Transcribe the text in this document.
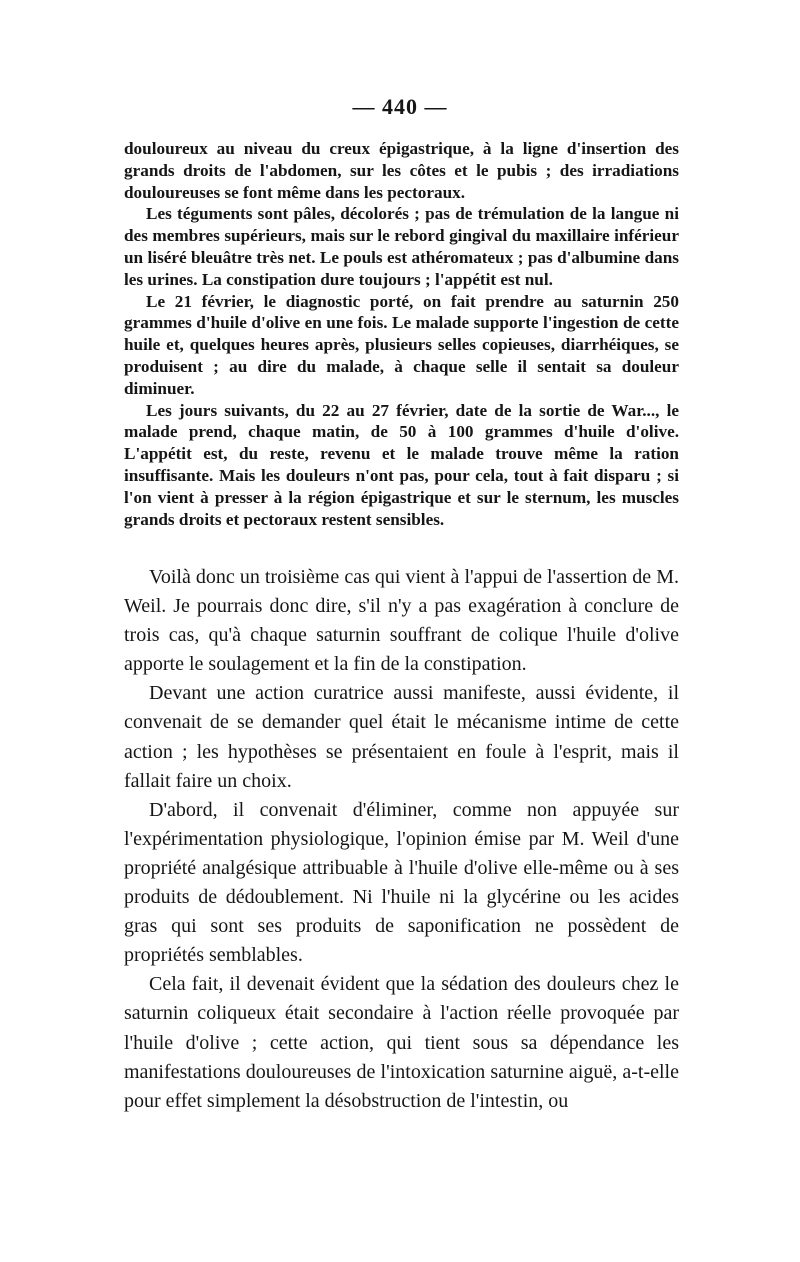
— 440 —

douloureux au niveau du creux épigastrique, à la ligne d'insertion des grands droits de l'abdomen, sur les côtes et le pubis ; des irradiations douloureuses se font même dans les pectoraux.

Les téguments sont pâles, décolorés ; pas de trémulation de la langue ni des membres supérieurs, mais sur le rebord gingival du maxillaire inférieur un liséré bleuâtre très net. Le pouls est athéromateux ; pas d'albumine dans les urines. La constipation dure toujours ; l'appétit est nul.

Le 21 février, le diagnostic porté, on fait prendre au saturnin 250 grammes d'huile d'olive en une fois. Le malade supporte l'ingestion de cette huile et, quelques heures après, plusieurs selles copieuses, diarrhéiques, se produisent ; au dire du malade, à chaque selle il sentait sa douleur diminuer.

Les jours suivants, du 22 au 27 février, date de la sortie de War..., le malade prend, chaque matin, de 50 à 100 grammes d'huile d'olive. L'appétit est, du reste, revenu et le malade trouve même la ration insuffisante. Mais les douleurs n'ont pas, pour cela, tout à fait disparu ; si l'on vient à presser à la région épigastrique et sur le sternum, les muscles grands droits et pectoraux restent sensibles.

Voilà donc un troisième cas qui vient à l'appui de l'assertion de M. Weil. Je pourrais donc dire, s'il n'y a pas exagération à conclure de trois cas, qu'à chaque saturnin souffrant de colique l'huile d'olive apporte le soulagement et la fin de la constipation.

Devant une action curatrice aussi manifeste, aussi évidente, il convenait de se demander quel était le mécanisme intime de cette action ; les hypothèses se présentaient en foule à l'esprit, mais il fallait faire un choix.

D'abord, il convenait d'éliminer, comme non appuyée sur l'expérimentation physiologique, l'opinion émise par M. Weil d'une propriété analgésique attribuable à l'huile d'olive elle-même ou à ses produits de dédoublement. Ni l'huile ni la glycérine ou les acides gras qui sont ses produits de saponification ne possèdent de propriétés semblables.

Cela fait, il devenait évident que la sédation des douleurs chez le saturnin coliqueux était secondaire à l'action réelle provoquée par l'huile d'olive ; cette action, qui tient sous sa dépendance les manifestations douloureuses de l'intoxication saturnine aiguë, a-t-elle pour effet simplement la désobstruction de l'intestin, ou
